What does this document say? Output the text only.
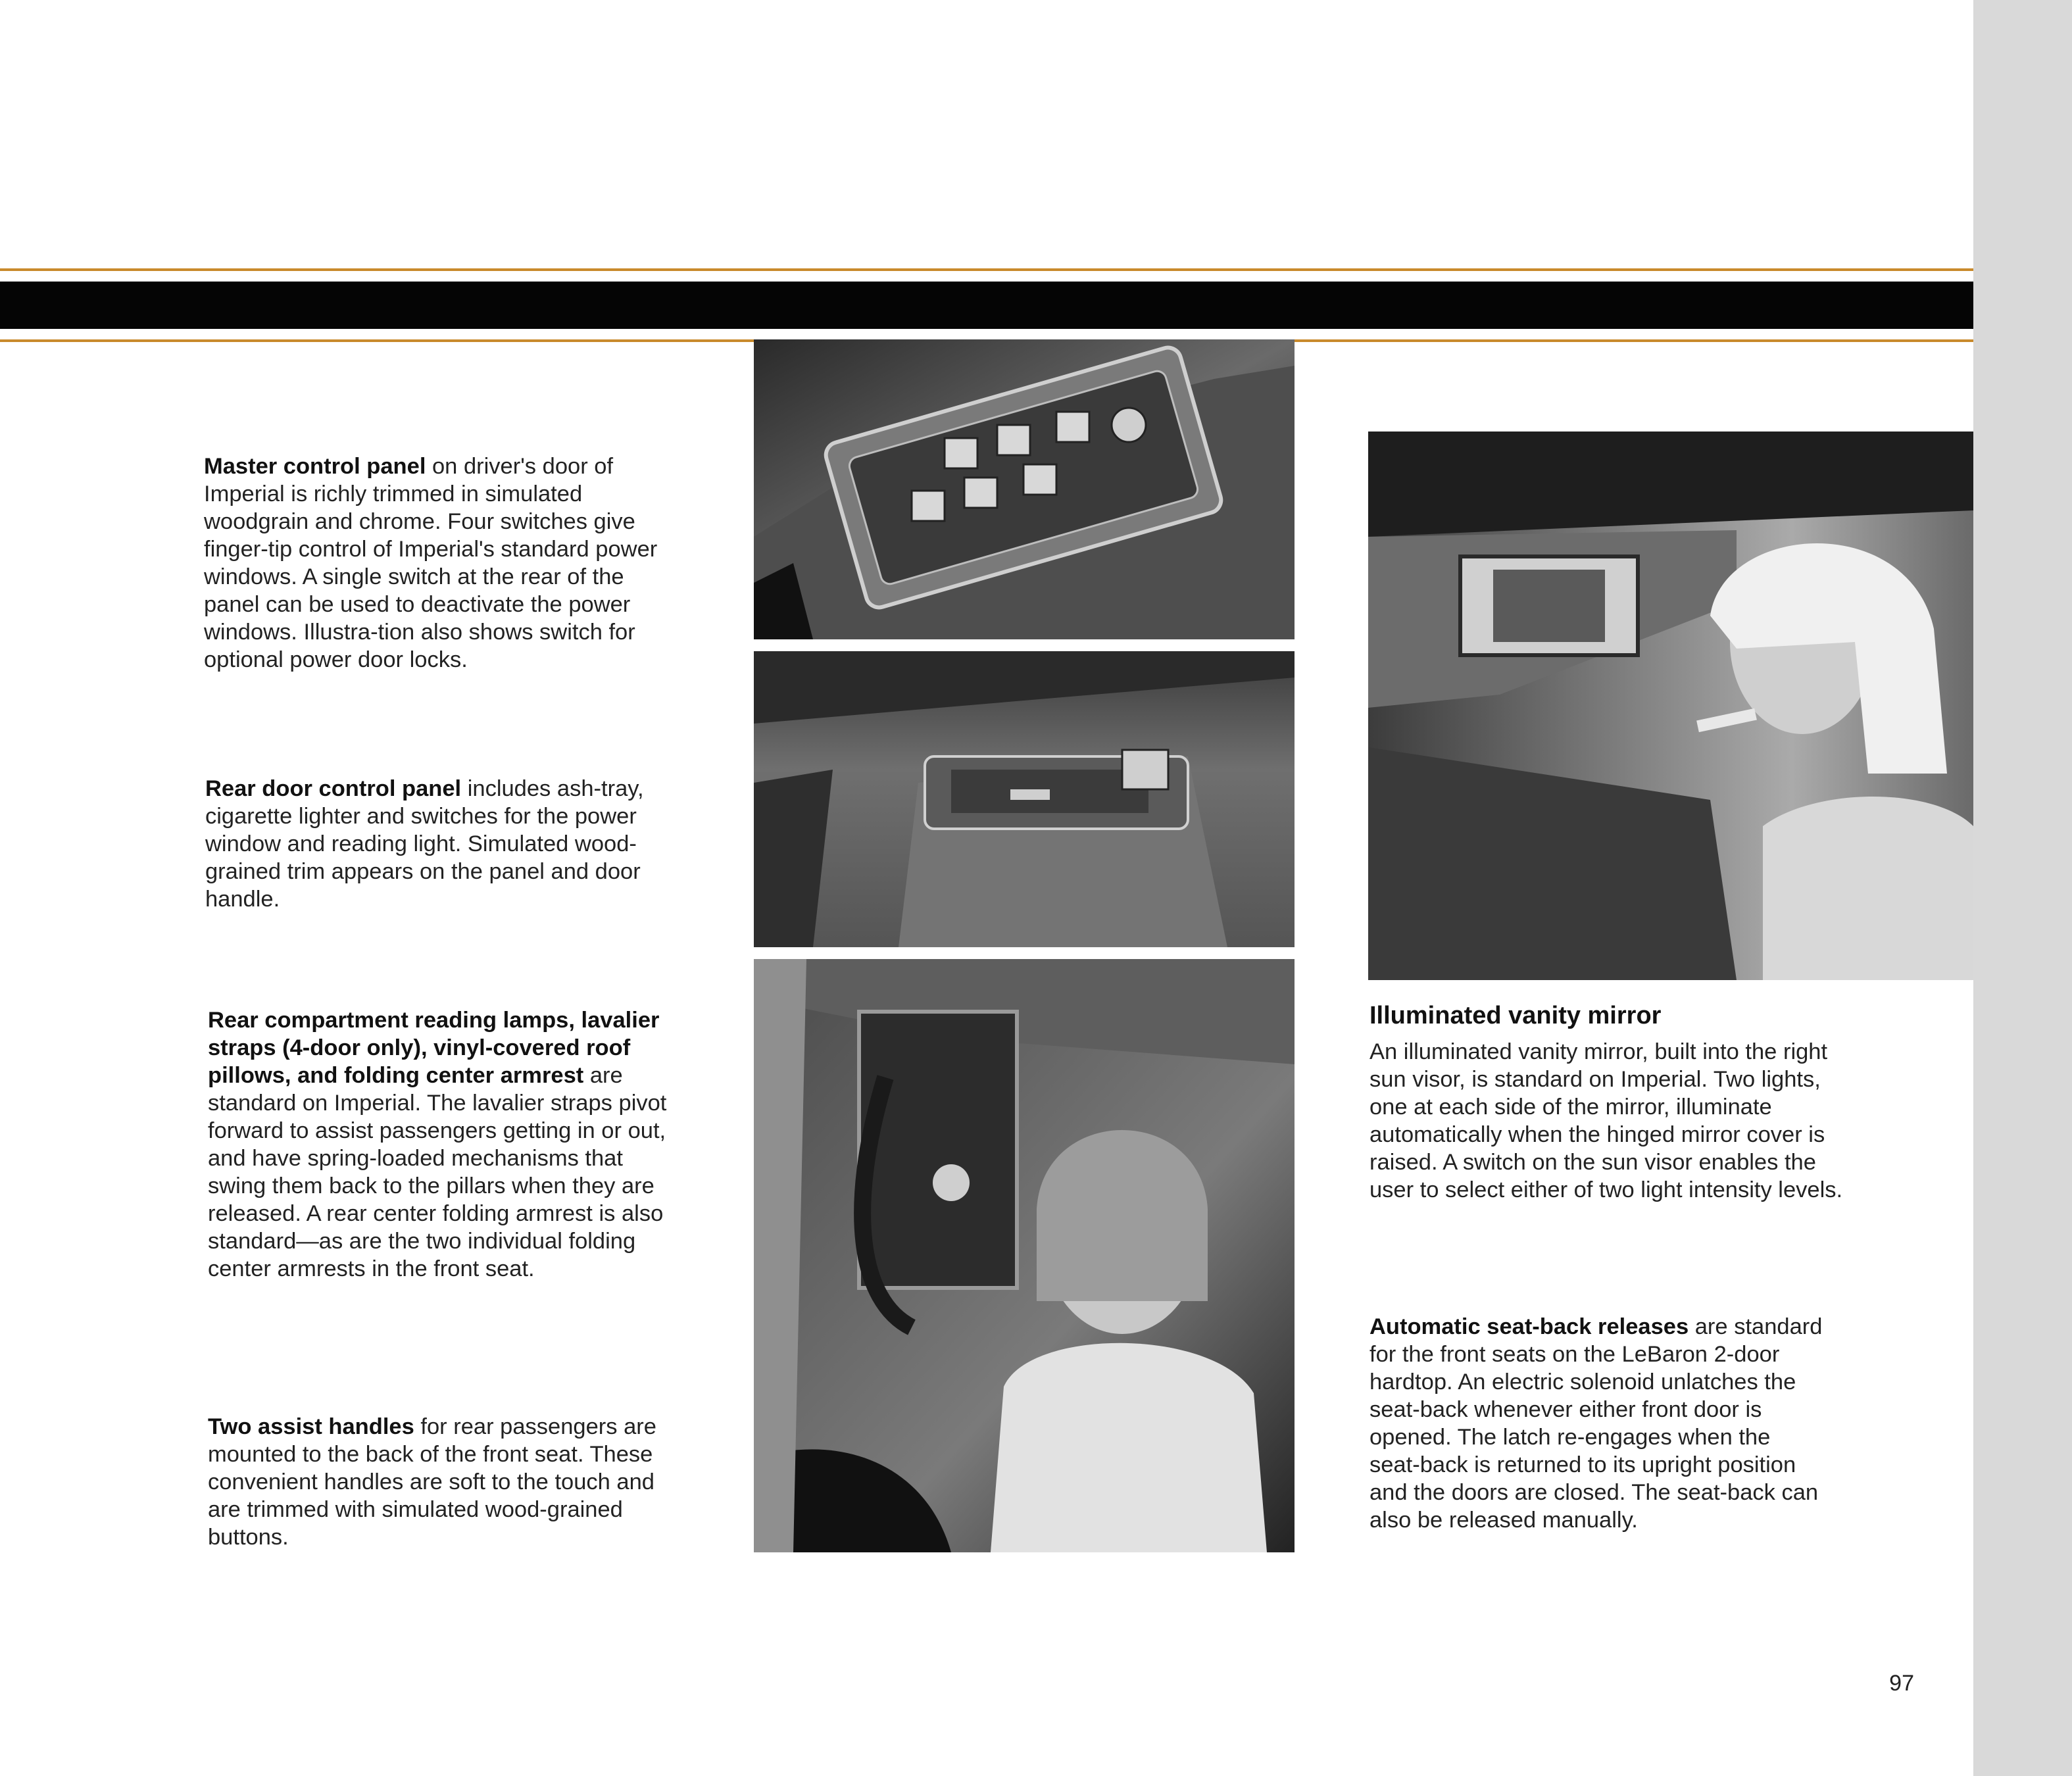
Master control panel on driver's door of Imperial is richly trimmed in simulated woodgrain and chrome. Four switches give finger-tip control of Imperial's standard power windows. A single switch at the rear of the panel can be used to deactivate the power windows. Illustra-tion also shows switch for optional power door locks.

Rear door control panel includes ash-tray, cigarette lighter and switches for the power window and reading light. Simulated wood-grained trim appears on the panel and door handle.

Rear compartment reading lamps, lavalier straps (4-door only), vinyl-covered roof pillows, and folding center armrest are standard on Imperial. The lavalier straps pivot forward to assist passengers getting in or out, and have spring-loaded mechanisms that swing them back to the pillars when they are released. A rear center folding armrest is also standard—as are the two individual folding center armrests in the front seat.

Two assist handles for rear passengers are mounted to the back of the front seat. These convenient handles are soft to the touch and are trimmed with simulated wood-grained buttons.

Illuminated vanity mirror

An illuminated vanity mirror, built into the right sun visor, is standard on Imperial. Two lights, one at each side of the mirror, illuminate automatically when the hinged mirror cover is raised. A switch on the sun visor enables the user to select either of two light intensity levels.

Automatic seat-back releases are standard for the front seats on the LeBaron 2-door hardtop. An electric solenoid unlatches the seat-back whenever either front door is opened. The latch re-engages when the seat-back is returned to its upright position and the doors are closed. The seat-back can also be released manually.

97
